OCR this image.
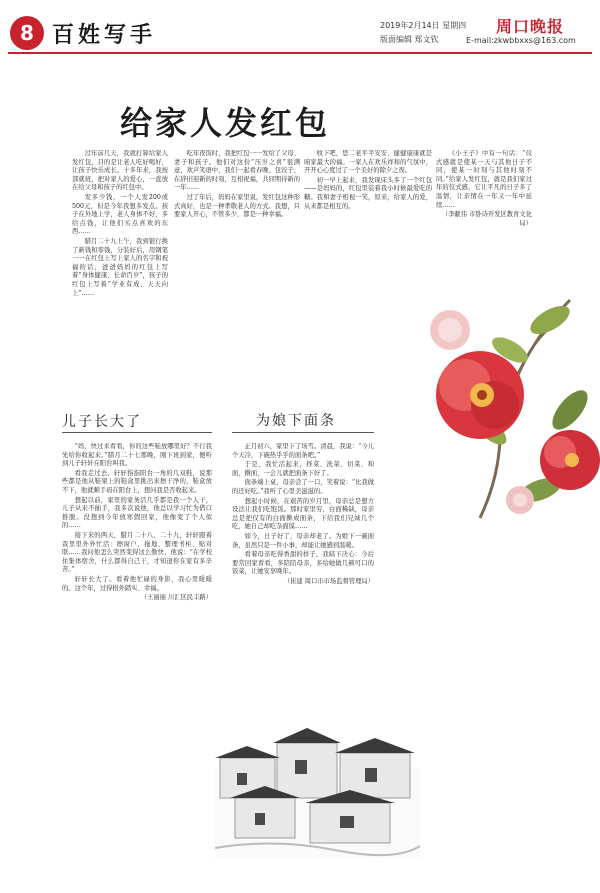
8 百姓写手	2019年2月14日 星期四
版面编辑 郑文钦
周口晚报
E-mail:zkwbbxxs@163.com
给家人发红包

过年前几天，我就打算给家人发红包，目的是让老人吃好喝好，让孩子快乐成长。十多年来，我按部就班，把对家人的爱心，一直放在给父母和孩子的红包中。

发多少钱，一个人发200或500元，但是今年我想多发点。孩子在外地上学，老人身体不好，多给点钱，让他们买点喜欢的东西……

腊月二十九上午，我到银行换了新钱和零钱，分装好后，用钢笔一一在红包上写上家人的名字和祝福的话，爸爸妈妈的红包上写着“身体健康、长命百岁”，孩子的红包上写着“学业有成、天天向上”……

吃年夜饭时，我把红包一一发给了父母、妻子和孩子。他们对这份“压岁之喜”很满意，欢声笑语中，我们一起看春晚、包饺子，在辞旧迎新的时刻，互相祝福，共同期待新的一年……

过了年后，妈妈在家里说，发红包这种形式真好，也是一种孝敬老人的方式。我想，只要家人开心，不管多少，都是一种幸福。

收下吧，您二老平平安安、健健康康就是咱家最大的福。一家人在欢乐祥和的气氛中，开开心心度过了一个美好的除夕之夜。

初一早上起来，我发现床头多了一个红包——是妈妈的，红包里装着我小时候最爱吃的糖。我和妻子相视一笑，原来，给家人的爱，从来都是相互的。

《小王子》中有一句话：“仪式感就是使某一天与其他日子不同，使某一时刻与其他时刻不同。”给家人发红包，就是我们家过年的仪式感，它让平凡的日子多了温情，让亲情在一年又一年中延续……

（李献伟 市卧诗开发区教育文化局）

儿子长大了

“妈，快过来看看，你的这些鞋放哪里好？不行我先给你收起来。”腊月二十七那晚，刚下班到家，便听到儿子轩轩在阳台叫我。

看我走过去，轩轩指指阳台一角的几双鞋，说那些都是他从鞋架上的鞋盒里挑出来擦干净的，鞋盒放不下，他就顺手码在阳台上，想问我是否收起来。

想起以前，家里的家务活几乎都是我一个人干，儿子从来不插手，我多次说他，他总以学习忙为借口推脱。没想到今年放寒假回家，他像变了个人似的……

接下来的两天，腊月二十八、二十九，轩轩跟着我里里外外忙活：擦窗户、拖地、整理书柜、贴对联……我问他怎么突然变得这么勤快，他说：“在学校住集体宿舍，什么都得自己干，才知道你在家有多辛苦。”

轩轩长大了。看着他忙碌的身影，我心里暖暖的。这个年，过得格外踏实、幸福。

（王丽丽 川汇区民丰路）

为娘下面条

正月初六，家里下了场雪。清晨，我说：“今儿个天冷，下碗热乎乎的面条吧。”

于是，我忙活起来，择菜、洗菜、切菜、和面、擀面，一会儿就把面条下好了。

面条端上桌，母亲尝了一口，笑着说：“比我做的还好吃。”我听了心里美滋滋的。

想起小时候，在艰苦的岁月里，母亲总是想方设法让我们吃饱饭。那时家里穷，白面稀缺，母亲总是把仅有的白面擀成面条，下给我们兄妹几个吃，她自己却吃杂面馍……

如今，日子好了，母亲却老了。为娘下一碗面条，虽然只是一件小事，却能让她感到温暖。

看着母亲吃得香甜的样子，我暗下决心：今后要常回家看看，多陪陪母亲，多给她做几顿可口的饭菜，让她安享晚年。

（崔建 周口市市场监督管理局）
